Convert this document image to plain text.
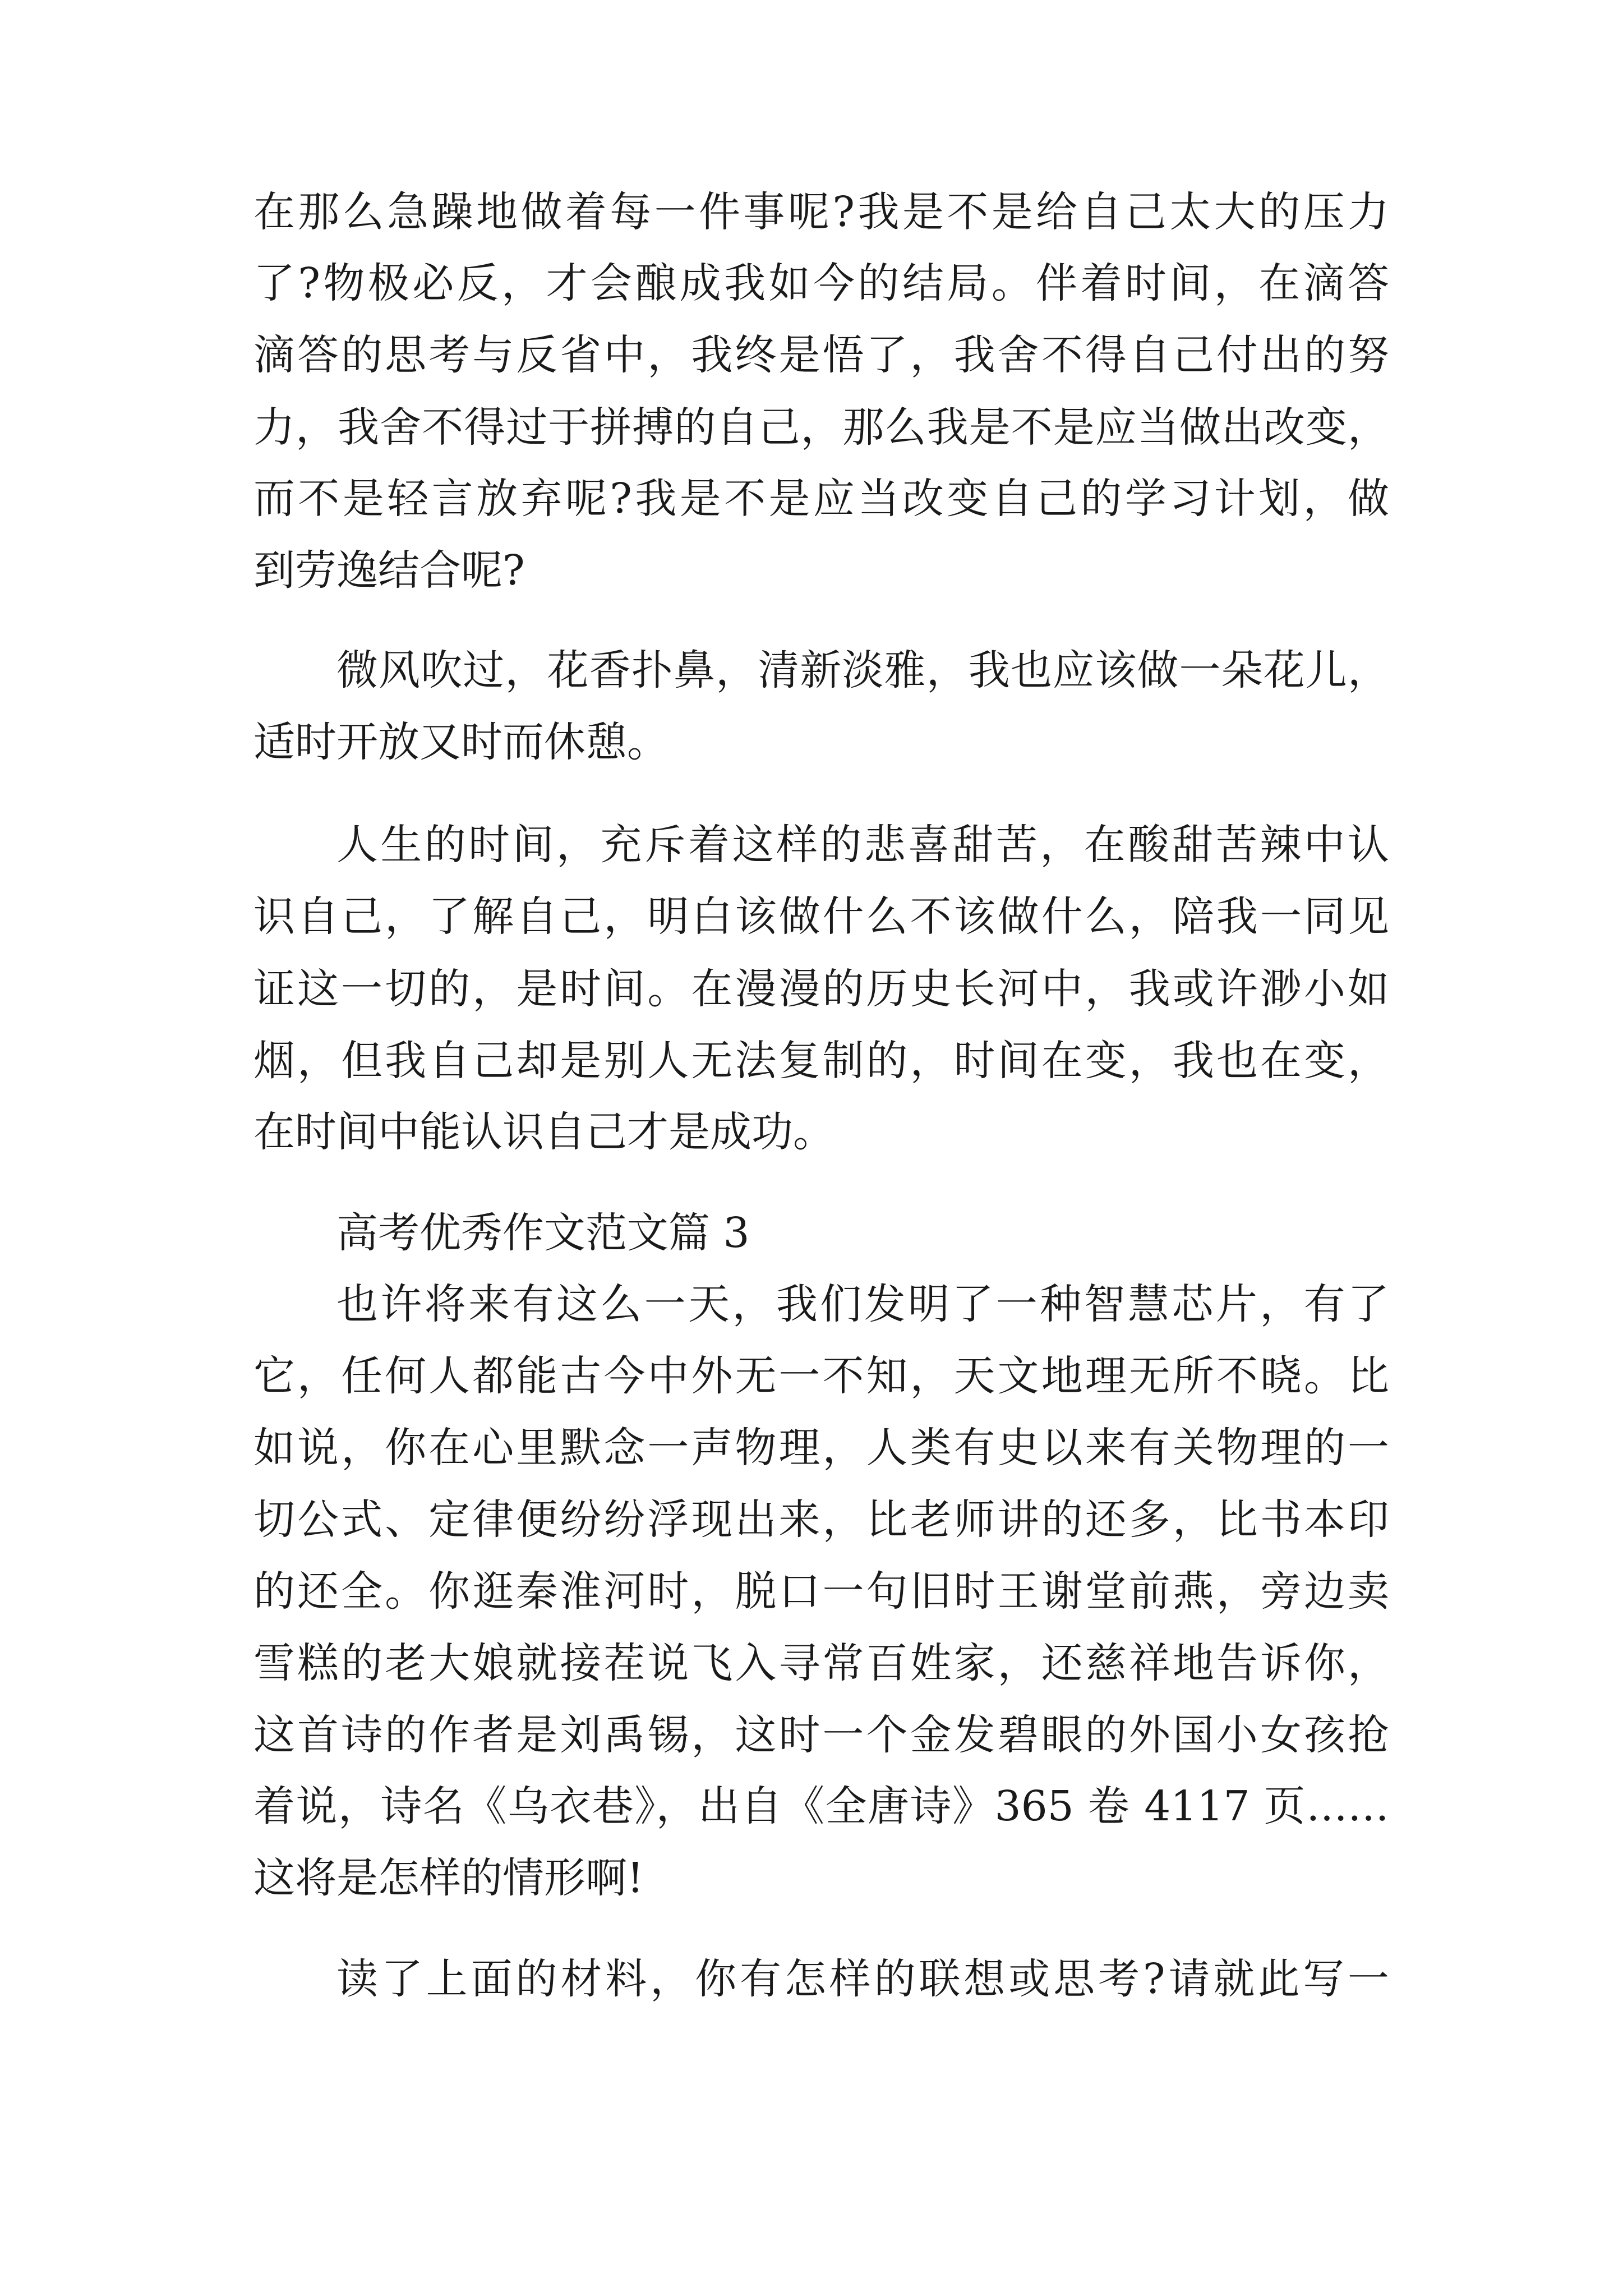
在那么急躁地做着每一件事呢?我是不是给自己太大的压力
了?物极必反，才会酿成我如今的结局。伴着时间，在滴答
滴答的思考与反省中，我终是悟了，我舍不得自己付出的努
力，我舍不得过于拼搏的自己，那么我是不是应当做出改变，
而不是轻言放弃呢?我是不是应当改变自己的学习计划，做
到劳逸结合呢?
微风吹过，花香扑鼻，清新淡雅，我也应该做一朵花儿，
适时开放又时而休憩。
人生的时间，充斥着这样的悲喜甜苦，在酸甜苦辣中认
识自己，了解自己，明白该做什么不该做什么，陪我一同见
证这一切的，是时间。在漫漫的历史长河中，我或许渺小如
烟，但我自己却是别人无法复制的，时间在变，我也在变，
在时间中能认识自己才是成功。
高考优秀作文范文篇 3
也许将来有这么一天，我们发明了一种智慧芯片，有了
它，任何人都能古今中外无一不知，天文地理无所不晓。比
如说，你在心里默念一声物理，人类有史以来有关物理的一
切公式、定律便纷纷浮现出来，比老师讲的还多，比书本印
的还全。你逛秦淮河时，脱口一句旧时王谢堂前燕，旁边卖
雪糕的老大娘就接茬说飞入寻常百姓家，还慈祥地告诉你，
这首诗的作者是刘禹锡，这时一个金发碧眼的外国小女孩抢
着说，诗名《乌衣巷》，出自《全唐诗》365 卷 4117 页……
这将是怎样的情形啊!
读了上面的材料，你有怎样的联想或思考?请就此写一
